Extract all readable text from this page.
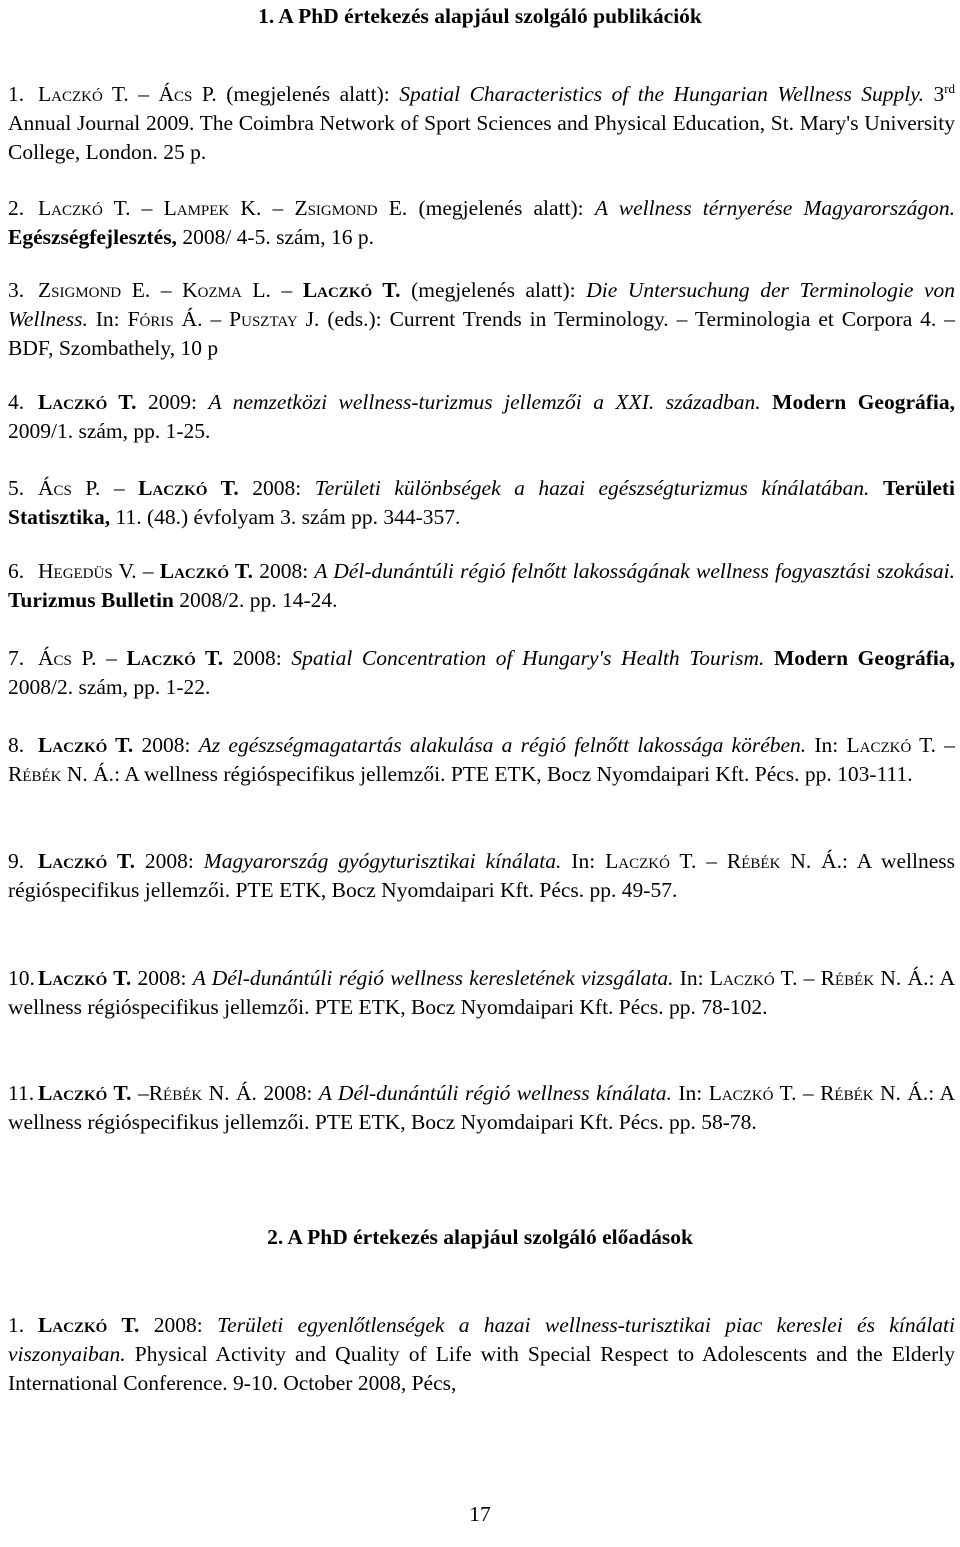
1. A PhD értekezés alapjául szolgáló publikációk
1. Laczkó T. – Ács P. (megjelenés alatt): Spatial Characteristics of the Hungarian Wellness Supply. 3rd Annual Journal 2009. The Coimbra Network of Sport Sciences and Physical Education, St. Mary's University College, London. 25 p.
2. Laczkó T. – Lampek K. – Zsigmond E. (megjelenés alatt): A wellness térnyerése Magyarországon. Egészségfejlesztés, 2008/ 4-5. szám, 16 p.
3. Zsigmond E. – Kozma L. – Laczkó T. (megjelenés alatt): Die Untersuchung der Terminologie von Wellness. In: Fóris Á. – Pusztay J. (eds.): Current Trends in Terminology. – Terminologia et Corpora 4. – BDF, Szombathely, 10 p
4. Laczkó T. 2009: A nemzetközi wellness-turizmus jellemzői a XXI. században. Modern Geográfia, 2009/1. szám, pp. 1-25.
5. Ács P. – Laczkó T. 2008: Területi különbségek a hazai egészségturizmus kínálatában. Területi Statisztika, 11. (48.) évfolyam 3. szám pp. 344-357.
6. Hegedüs V. – Laczkó T. 2008: A Dél-dunántúli régió felnőtt lakosságának wellness fogyasztási szokásai. Turizmus Bulletin 2008/2. pp. 14-24.
7. Ács P. – Laczkó T. 2008: Spatial Concentration of Hungary's Health Tourism. Modern Geográfia, 2008/2. szám, pp. 1-22.
8. Laczkó T. 2008: Az egészségmagatartás alakulása a régió felnőtt lakossága körében. In: Laczkó T. – Rébék N. Á.: A wellness régióspecifikus jellemzői. PTE ETK, Bocz Nyomdaipari Kft. Pécs. pp. 103-111.
9. Laczkó T. 2008: Magyarország gyógyturisztikai kínálata. In: Laczkó T. – Rébék N. Á.: A wellness régióspecifikus jellemzői. PTE ETK, Bocz Nyomdaipari Kft. Pécs. pp. 49-57.
10. Laczkó T. 2008: A Dél-dunántúli régió wellness keresletének vizsgálata. In: Laczkó T. – Rébék N. Á.: A wellness régióspecifikus jellemzői. PTE ETK, Bocz Nyomdaipari Kft. Pécs. pp. 78-102.
11. Laczkó T. –Rébék N. Á. 2008: A Dél-dunántúli régió wellness kínálata. In: Laczkó T. – Rébék N. Á.: A wellness régióspecifikus jellemzői. PTE ETK, Bocz Nyomdaipari Kft. Pécs. pp. 58-78.
2. A PhD értekezés alapjául szolgáló előadások
1. Laczkó T. 2008: Területi egyenlőtlenségek a hazai wellness-turisztikai piac kereslei és kínálati viszonyaiban. Physical Activity and Quality of Life with Special Respect to Adolescents and the Elderly International Conference. 9-10. October 2008, Pécs,
17
